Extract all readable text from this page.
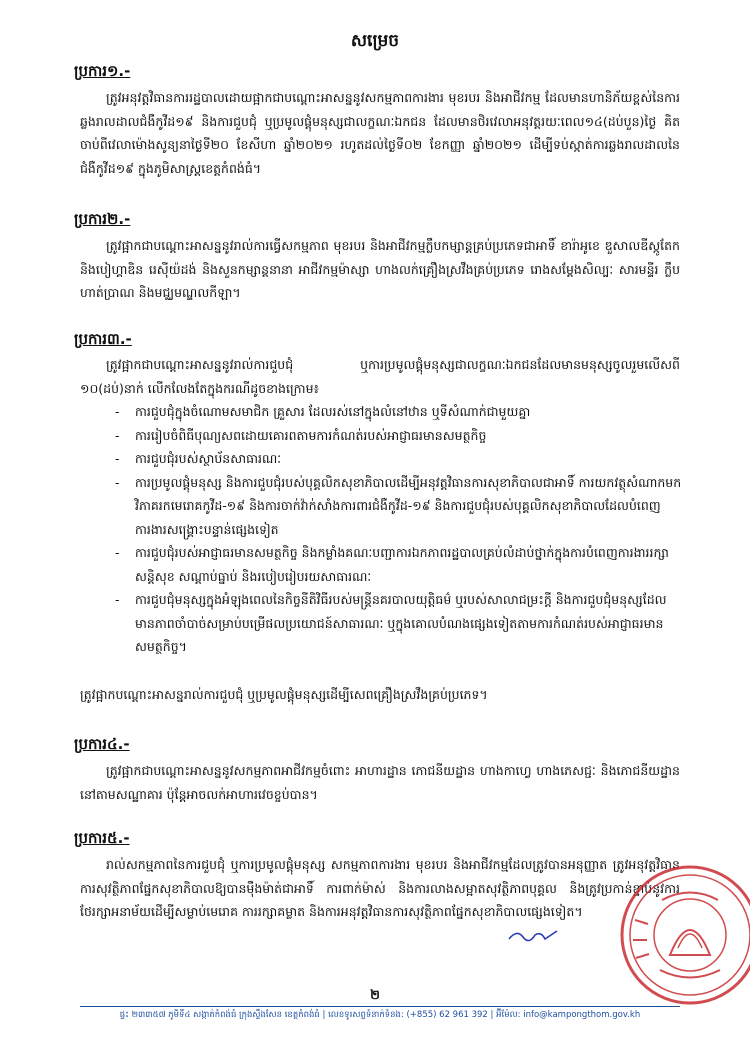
សម្រេច
ប្រការ១.-
ត្រូវអនុវត្តវិធានការរដ្ឋបាលដោយផ្អាកជាបណ្តោះអាសន្ននូវសកម្មភាពការងារ មុខរបរ និងអាជីវកម្ម ដែលមានហានិភ័យខ្ពស់នៃការឆ្លងរាលដាលជំងឺកូវីដ១៩ និងការជួបជុំ ឬប្រមូលផ្តុំមនុស្សជាលក្ខណៈឯកជន ដែលមានថិរវេលាអនុវត្តរយៈពេល១៤(ដប់បួន)ថ្ងៃ គិតចាប់ពីវេលាម៉ោងសូន្យនាថ្ងៃទី២០ ខែសីហា ឆ្នាំ២០២១ រហូតដល់ថ្ងៃទី០២ ខែកញ្ញា ឆ្នាំ២០២១ ដើម្បីទប់ស្កាត់ការឆ្លងរាលដាលនៃជំងឺកូវីដ១៩ ក្នុងភូមិសាស្ត្រខេត្តកំពង់ធំ។
ប្រការ២.-
ត្រូវផ្អាកជាបណ្តោះអាសន្ននូវរាល់ការធ្វើសកម្មភាព មុខរបរ និងអាជីវកម្មក្លឹបកម្សាន្តគ្រប់ប្រភេទជាអាទិ៍ ខារ៉ាអូខេ ឌួសាលឌីស្កូតែក និងបៀហ្គាឌិន រេស៊ីយ៉ដង់ និងសួនកម្សាន្តនានា អាជីវកម្មម៉ាស្សា ហាងលក់គ្រឿងស្រវឹងគ្រប់ប្រភេទ រោងសម្តែងសិល្បៈ សារមន្ទីរ ក្លឹបហាត់ប្រាណ និងមជ្ឈមណ្ឌលកីឡា។
ប្រការ៣.-
ត្រូវផ្អាកជាបណ្តោះអាសន្ននូវរាល់ការជួបជុំ ឬការប្រមូលផ្តុំមនុស្សជាលក្ខណៈឯកជនដែលមានមនុស្សចូលរួមលើសពី ១០(ដប់)នាក់ លើកលែងតែក្នុងករណីដូចខាងក្រោម៖
- ការជួបជុំក្នុងចំណោមសមាជិក គ្រួសារ ដែលរស់នៅក្នុងលំនៅឋាន ឬទីសំណាក់ជាមួយគ្នា
- ការរៀបចំពិធីបុណ្យសពដោយគោរពតាមការកំណត់របស់អាជ្ញាធរមានសមត្ថកិច្ច
- ការជួបជុំរបស់ស្ថាប័នសាធារណៈ
- ការប្រមូលផ្តុំមនុស្ស និងការជួបជុំរបស់បុគ្គលិកសុខាភិបាលដើម្បីអនុវត្តវិធានការសុខាភិបាលជាអាទិ៍ ការយកវត្ថុសំណាកមកវិភាគរកមេរោគកូវីដ-១៩ និងការចាក់វ៉ាក់សាំងការពារជំងឺកូវីដ-១៩ និងការជួបជុំរបស់បុគ្គលិកសុខាភិបាលដែលបំពេញការងារសង្គ្រោះបន្ទាន់ផ្សេងទៀត
- ការជួបជុំរបស់អាជ្ញាធរមានសមត្ថកិច្ច និងកម្លាំងគណៈបញ្ជាការឯកភាពរដ្ឋបាលគ្រប់លំដាប់ថ្នាក់ក្នុងការបំពេញការងាររក្សាសន្តិសុខ សណ្តាប់ធ្នាប់ និងរបៀបរៀបរយសាធារណៈ
- ការជួបជុំមនុស្សក្នុងអំឡុងពេលនៃកិច្ចនីតិវិធីរបស់មន្ត្រីនគរបាលយុត្តិធម៌ ឬរបស់សាលាជម្រះក្តី និងការជួបជុំមនុស្សដែលមានភាពចាំបាច់សម្រាប់បម្រើផលប្រយោជន៍សាធារណៈ ឬក្នុងគោលបំណងផ្សេងទៀតតាមការកំណត់របស់អាជ្ញាធរមានសមត្ថកិច្ច។
ត្រូវផ្អាកបណ្តោះអាសន្នរាល់ការជួបជុំ ឬប្រមូលផ្តុំមនុស្សដើម្បីសេពគ្រឿងស្រវឹងគ្រប់ប្រភេទ។
ប្រការ៤.-
ត្រូវផ្អាកជាបណ្តោះអាសន្ននូវសកម្មភាពអាជីវកម្មចំពោះ អាហារដ្ឋាន ភោជនីយដ្ឋាន ហាងកាហ្វេ ហាងភេសជ្ជៈ និងភោជនីយដ្ឋាននៅតាមសណ្ឋាគារ ប៉ុន្តែអាចលក់អាហារវេចខ្ចប់បាន។
ប្រការ៥.-
រាល់សកម្មភាពនៃការជួបជុំ ឬការប្រមូលផ្តុំមនុស្ស សកម្មភាពការងារ មុខរបរ និងអាជីវកម្មដែលត្រូវបានអនុញ្ញាត ត្រូវអនុវត្តវិធានការសុវត្ថិភាពផ្នែកសុខាភិបាលឱ្យបានម៉ឺងម៉ាត់ជាអាទិ៍ ការពាក់ម៉ាស់ និងការលាងសម្អាតសុវត្ថិភាពបុគ្គល និងត្រូវប្រកាន់ខ្ជាប់នូវការថែរក្សាអនាម័យដើម្បីសម្លាប់មេរោគ ការរក្សាគម្លាត និងការអនុវត្តវិធានការសុវត្ថិភាពផ្នែកសុខាភិបាលផ្សេងទៀត។
២
ផ្ទះ ២៣៣៥៧ ភូមិទី៤ សង្កាត់កំពង់ធំ ក្រុងស្ទឹងសែន ខេត្តកំពង់ធំ | លេខទូរសព្ទទំនាក់ទំនង: (+855) 62 961 392 | អ៊ីម៉ែល: info@kampongthom.gov.kh
